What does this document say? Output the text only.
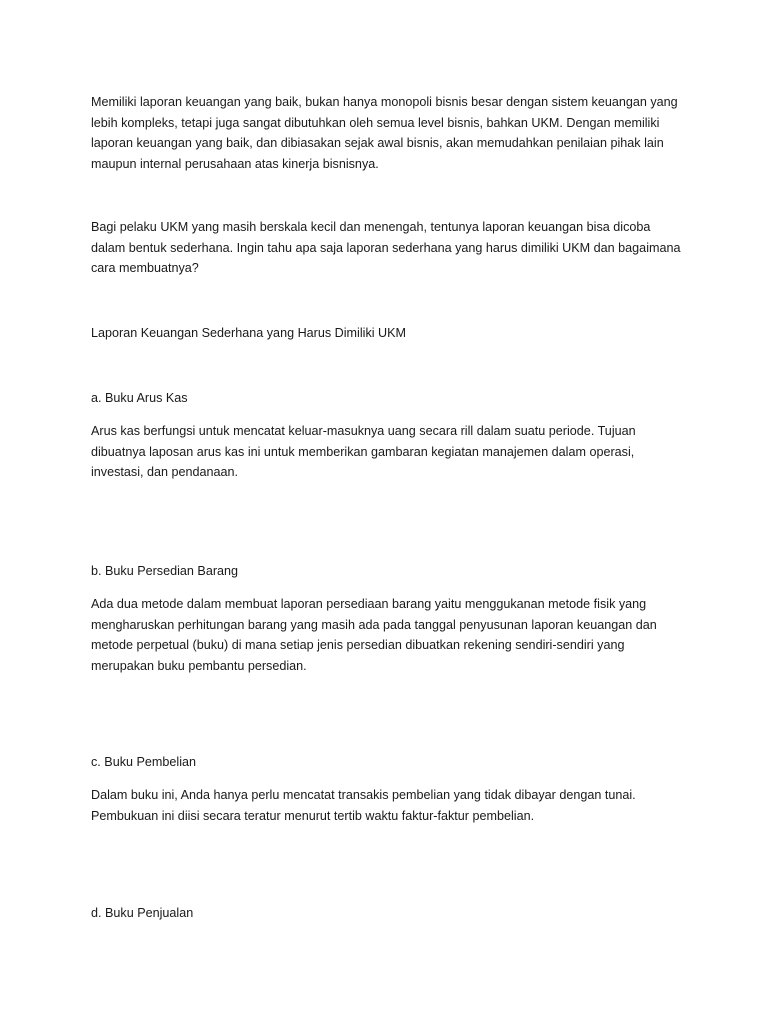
Memiliki laporan keuangan yang baik, bukan hanya monopoli bisnis besar dengan sistem keuangan yang lebih kompleks, tetapi juga sangat dibutuhkan oleh semua level bisnis, bahkan UKM. Dengan memiliki laporan keuangan yang baik, dan dibiasakan sejak awal bisnis, akan memudahkan penilaian pihak lain maupun internal perusahaan atas kinerja bisnisnya.

Bagi pelaku UKM yang masih berskala kecil dan menengah, tentunya laporan keuangan bisa dicoba dalam bentuk sederhana. Ingin tahu apa saja laporan sederhana yang harus dimiliki UKM dan bagaimana cara membuatnya?

Laporan Keuangan Sederhana yang Harus Dimiliki UKM

a. Buku Arus Kas

Arus kas berfungsi untuk mencatat keluar-masuknya uang secara rill dalam suatu periode. Tujuan dibuatnya laposan arus kas ini untuk memberikan gambaran kegiatan manajemen dalam operasi, investasi, dan pendanaan.

b. Buku Persedian Barang

Ada dua metode dalam membuat laporan persediaan barang yaitu menggukanan metode fisik yang mengharuskan perhitungan barang yang masih ada pada tanggal penyusunan laporan keuangan dan metode perpetual (buku) di mana setiap jenis persedian dibuatkan rekening sendiri-sendiri yang merupakan buku pembantu persedian.

c. Buku Pembelian

Dalam buku ini, Anda hanya perlu mencatat transakis pembelian yang tidak dibayar dengan tunai. Pembukuan ini diisi secara teratur menurut tertib waktu faktur-faktur pembelian.

d. Buku Penjualan
